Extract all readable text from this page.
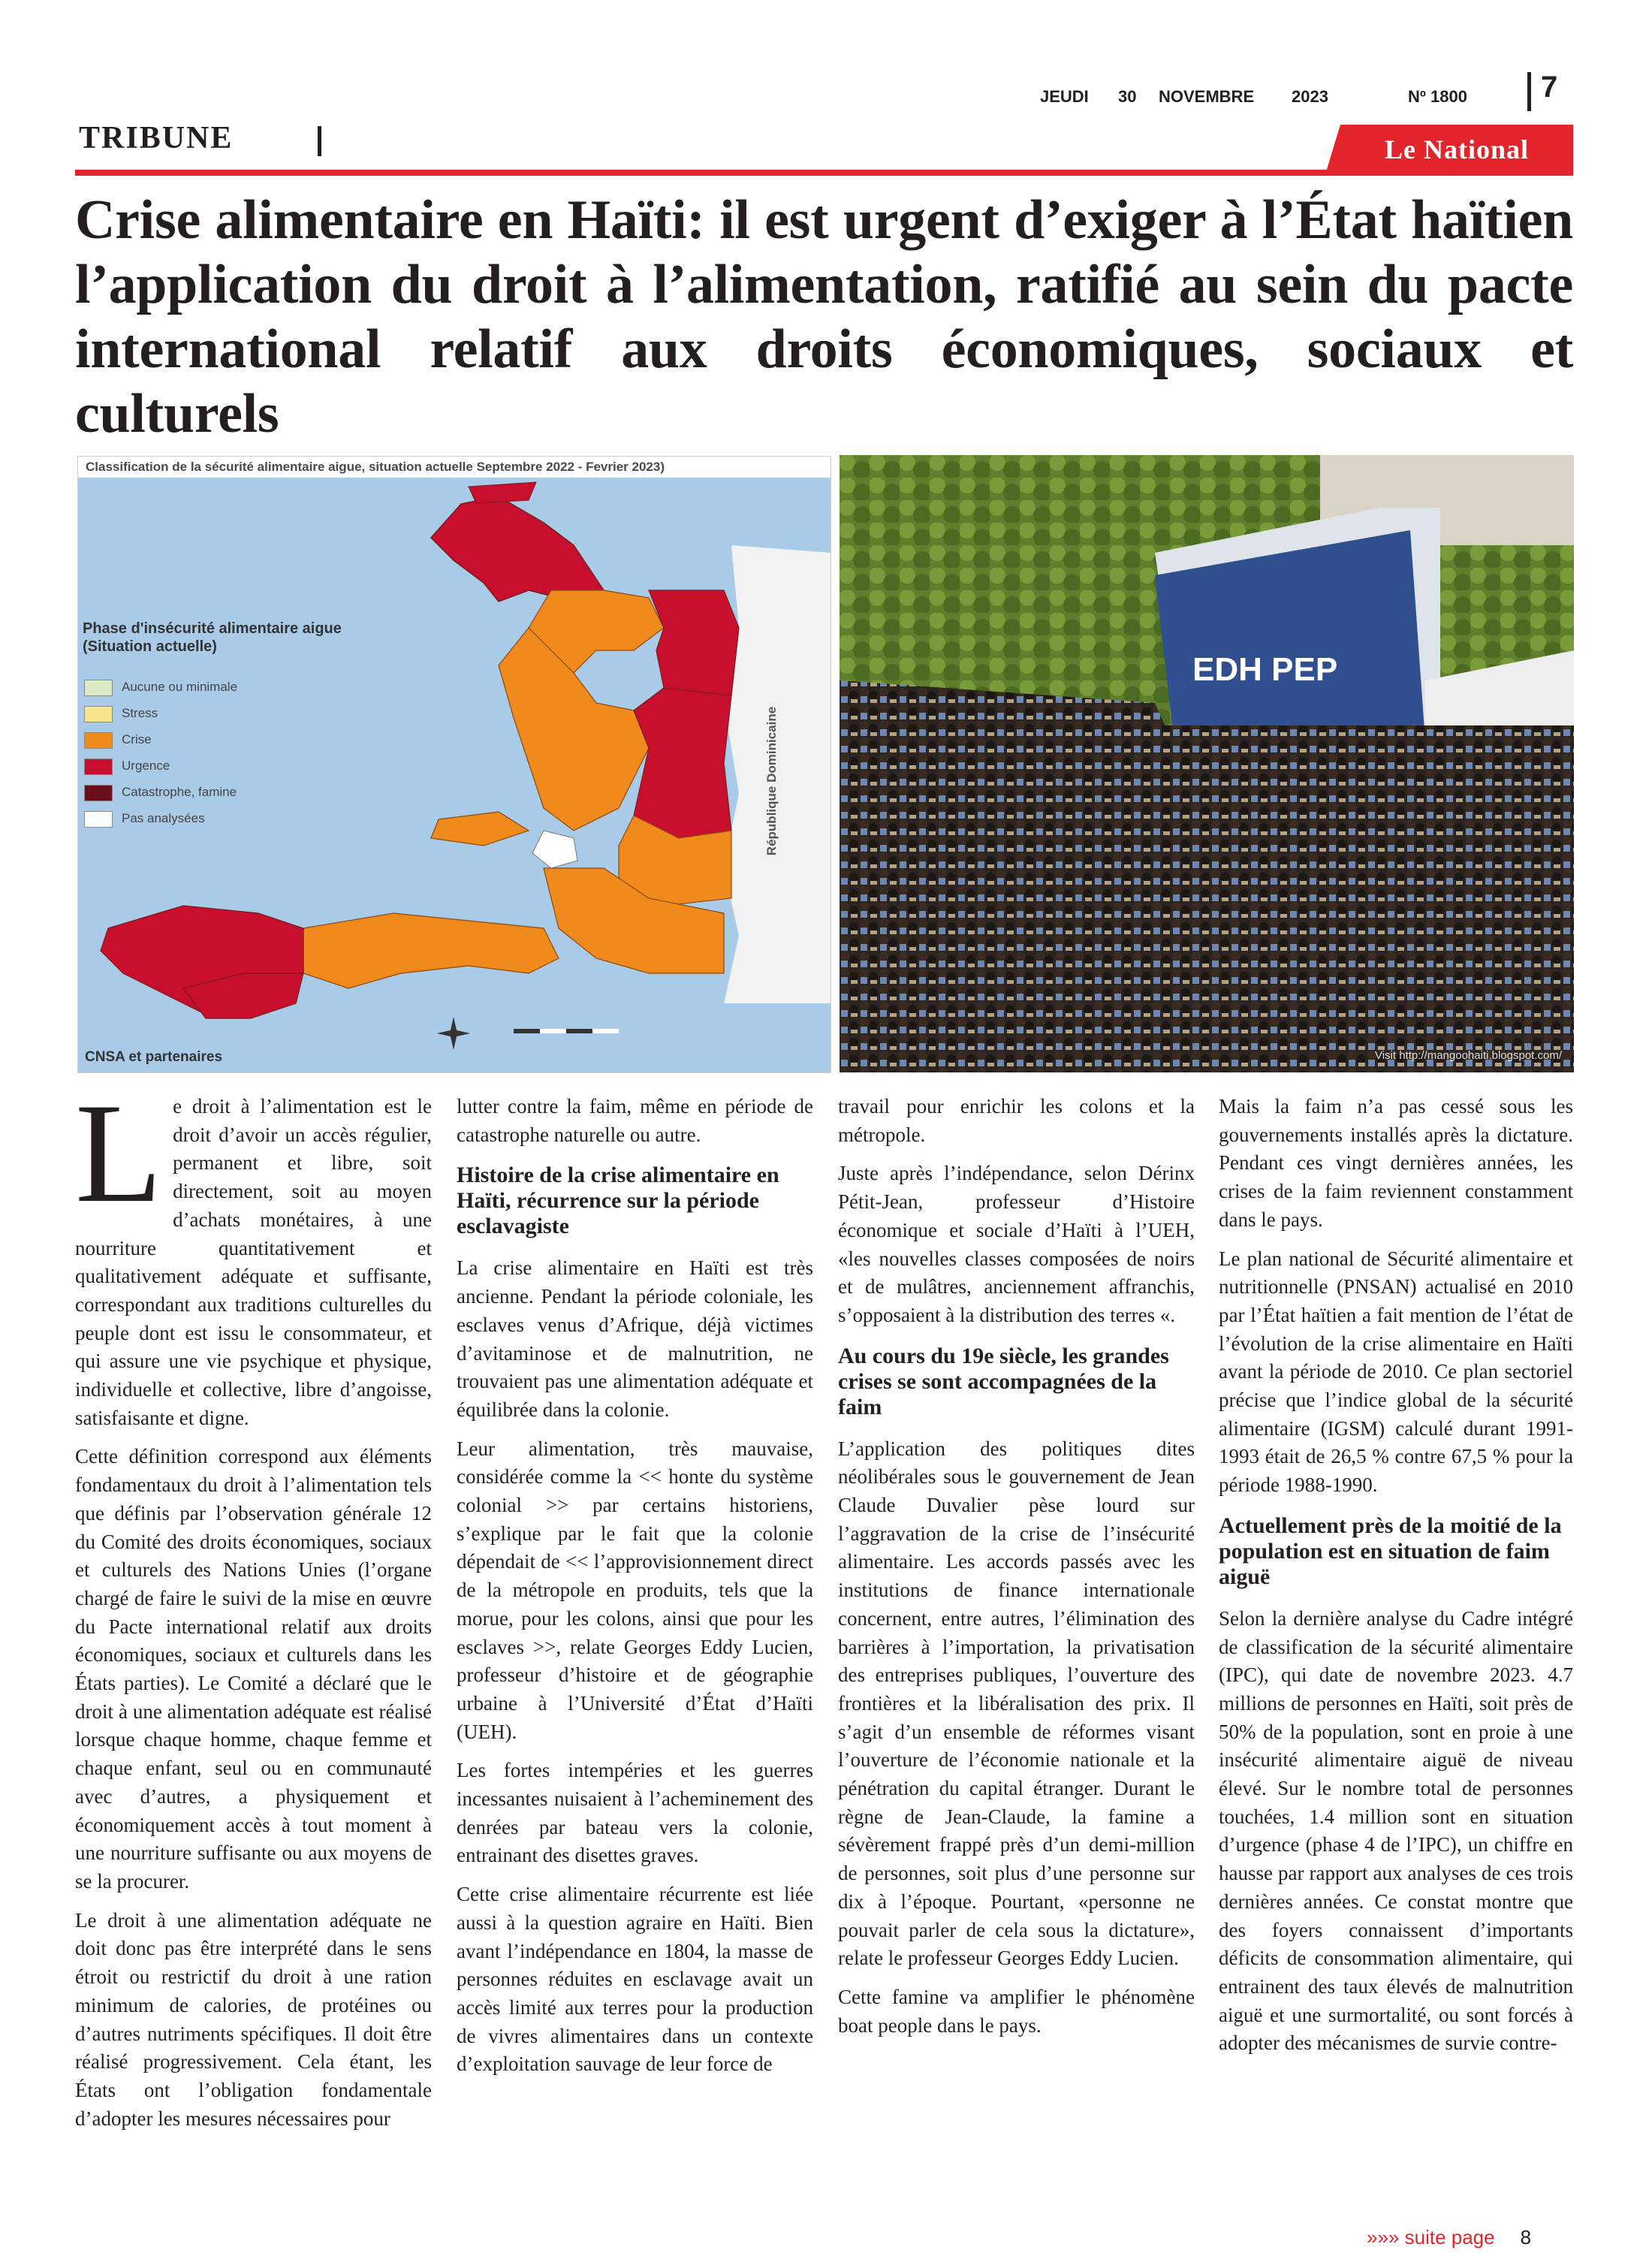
JEUDI 30 NOVEMBRE 2023	Nº 1800 7
TRIBUNE	Le National
Crise alimentaire en Haïti: il est urgent d’exiger à l’État haïtien l’application du droit à l’alimentation, ratifié au sein du pacte international relatif aux droits économiques, sociaux et culturels
Classification de la sécurité alimentaire aigue, situation actuelle Septembre 2022 - Fevrier 2023)
Phase d'insécurité alimentaire aigue (Situation actuelle)
Aucune ou minimale
Stress
Crise
Urgence
Catastrophe, famine
Pas analysées	République Dominicaine
CNSA et partenaires
EDH PEP
Visit http://mangoohaiti.blogspot.com/

Le droit à l’alimentation est le droit d’avoir un accès régulier, permanent et libre, soit directement, soit au moyen d’achats monétaires, à une nourriture quantitativement et qualitativement adéquate et suffisante, correspondant aux traditions culturelles du peuple dont est issu le consommateur, et qui assure une vie psychique et physique, individuelle et collective, libre d’angoisse, satisfaisante et digne.

Cette définition correspond aux éléments fondamentaux du droit à l’alimentation tels que définis par l’observation générale 12 du Comité des droits économiques, sociaux et culturels des Nations Unies (l’organe chargé de faire le suivi de la mise en œuvre du Pacte international relatif aux droits économiques, sociaux et culturels dans les États parties). Le Comité a déclaré que le droit à une alimentation adéquate est réalisé lorsque chaque homme, chaque femme et chaque enfant, seul ou en communauté avec d’autres, a physiquement et économiquement accès à tout moment à une nourriture suffisante ou aux moyens de se la procurer.

Le droit à une alimentation adéquate ne doit donc pas être interprété dans le sens étroit ou restrictif du droit à une ration minimum de calories, de protéines ou d’autres nutriments spécifiques. Il doit être réalisé progressivement. Cela étant, les États ont l’obligation fondamentale d’adopter les mesures nécessaires pour

lutter contre la faim, même en période de catastrophe naturelle ou autre.

Histoire de la crise alimentaire en Haïti, récurrence sur la période esclavagiste

La crise alimentaire en Haïti est très ancienne. Pendant la période coloniale, les esclaves venus d’Afrique, déjà victimes d’avitaminose et de malnutrition, ne trouvaient pas une alimentation adéquate et équilibrée dans la colonie.

Leur alimentation, très mauvaise, considérée comme la << honte du système colonial >> par certains historiens, s’explique par le fait que la colonie dépendait de << l’approvisionnement direct de la métropole en produits, tels que la morue, pour les colons, ainsi que pour les esclaves >>, relate Georges Eddy Lucien, professeur d’histoire et de géographie urbaine à l’Université d’État d’Haïti (UEH).

Les fortes intempéries et les guerres incessantes nuisaient à l’acheminement des denrées par bateau vers la colonie, entrainant des disettes graves.

Cette crise alimentaire récurrente est liée aussi à la question agraire en Haïti. Bien avant l’indépendance en 1804, la masse de personnes réduites en esclavage avait un accès limité aux terres pour la production de vivres alimentaires dans un contexte d’exploitation sauvage de leur force de

travail pour enrichir les colons et la métropole.

Juste après l’indépendance, selon Dérinx Pétit-Jean, professeur d’Histoire économique et sociale d’Haïti à l’UEH, «les nouvelles classes composées de noirs et de mulâtres, anciennement affranchis, s’opposaient à la distribution des terres «.

Au cours du 19e siècle, les grandes crises se sont accompagnées de la faim

L’application des politiques dites néolibérales sous le gouvernement de Jean Claude Duvalier pèse lourd sur l’aggravation de la crise de l’insécurité alimentaire. Les accords passés avec les institutions de finance internationale concernent, entre autres, l’élimination des barrières à l’importation, la privatisation des entreprises publiques, l’ouverture des frontières et la libéralisation des prix. Il s’agit d’un ensemble de réformes visant l’ouverture de l’économie nationale et la pénétration du capital étranger. Durant le règne de Jean-Claude, la famine a sévèrement frappé près d’un demi-million de personnes, soit plus d’une personne sur dix à l’époque. Pourtant, «personne ne pouvait parler de cela sous la dictature», relate le professeur Georges Eddy Lucien.

Cette famine va amplifier le phénomène boat people dans le pays.

Mais la faim n’a pas cessé sous les gouvernements installés après la dictature. Pendant ces vingt dernières années, les crises de la faim reviennent constamment dans le pays.

Le plan national de Sécurité alimentaire et nutritionnelle (PNSAN) actualisé en 2010 par l’État haïtien a fait mention de l’état de l’évolution de la crise alimentaire en Haïti avant la période de 2010. Ce plan sectoriel précise que l’indice global de la sécurité alimentaire (IGSM) calculé durant 1991-1993 était de 26,5 % contre 67,5 % pour la période 1988-1990.

Actuellement près de la moitié de la population est en situation de faim aiguë

Selon la dernière analyse du Cadre intégré de classification de la sécurité alimentaire (IPC), qui date de novembre 2023. 4.7 millions de personnes en Haïti, soit près de 50% de la population, sont en proie à une insécurité alimentaire aiguë de niveau élevé. Sur le nombre total de personnes touchées, 1.4 million sont en situation d’urgence (phase 4 de l’IPC), un chiffre en hausse par rapport aux analyses de ces trois dernières années. Ce constat montre que des foyers connaissent d’importants déficits de consommation alimentaire, qui entrainent des taux élevés de malnutrition aiguë et une surmortalité, ou sont forcés à adopter des mécanismes de survie contre-

»»» suite page 8
